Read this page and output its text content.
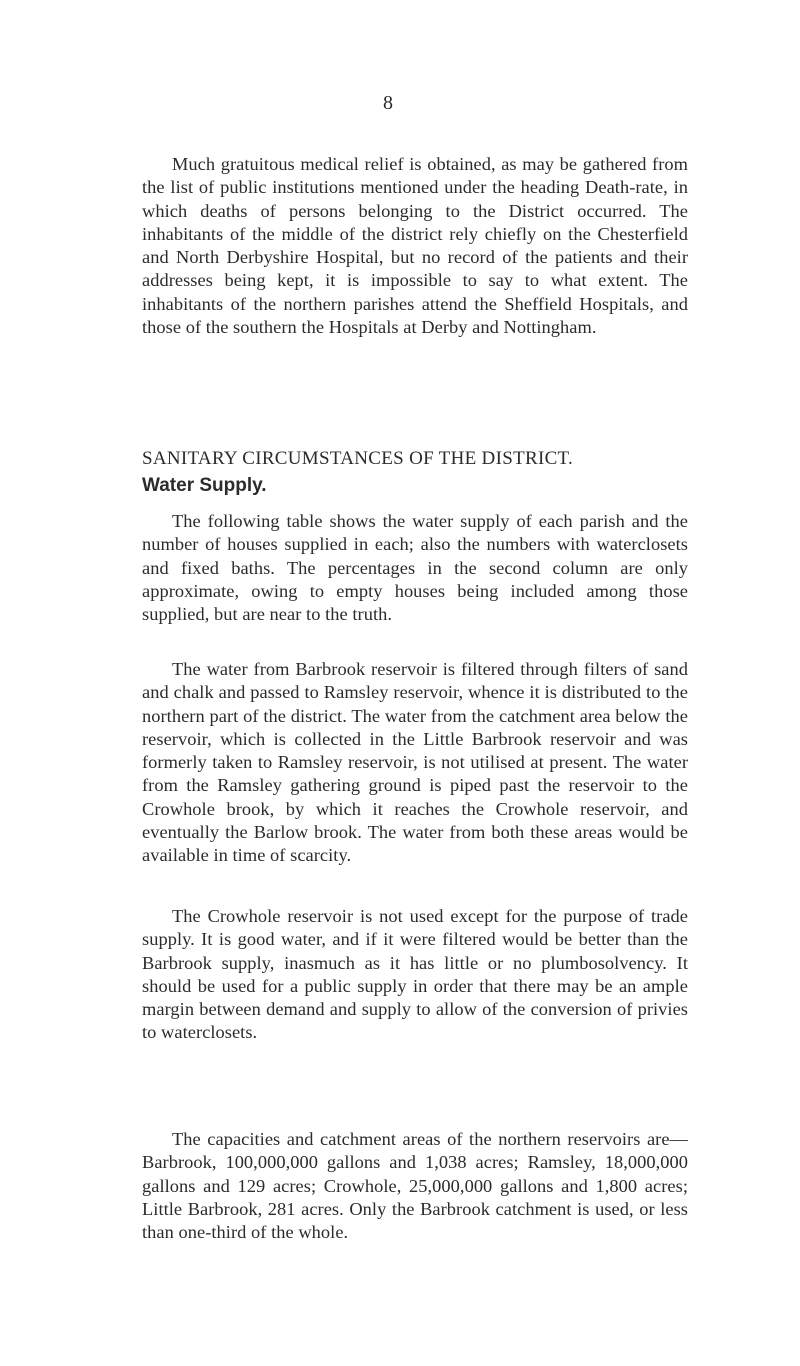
8

Much gratuitous medical relief is obtained, as may be gathered from the list of public institutions mentioned under the heading Death-rate, in which deaths of persons belonging to the District occurred. The inhabitants of the middle of the district rely chiefly on the Chesterfield and North Derbyshire Hospital, but no record of the patients and their addresses being kept, it is impossible to say to what extent. The inhabitants of the northern parishes attend the Sheffield Hospitals, and those of the southern the Hospitals at Derby and Nottingham.

SANITARY CIRCUMSTANCES OF THE DISTRICT.
Water Supply.

The following table shows the water supply of each parish and the number of houses supplied in each; also the numbers with waterclosets and fixed baths. The percentages in the second column are only approximate, owing to empty houses being included among those supplied, but are near to the truth.

The water from Barbrook reservoir is filtered through filters of sand and chalk and passed to Ramsley reservoir, whence it is distributed to the northern part of the district. The water from the catchment area below the reservoir, which is collected in the Little Barbrook reservoir and was formerly taken to Ramsley reservoir, is not utilised at present. The water from the Ramsley gathering ground is piped past the reservoir to the Crowhole brook, by which it reaches the Crowhole reservoir, and eventually the Barlow brook. The water from both these areas would be available in time of scarcity.

The Crowhole reservoir is not used except for the purpose of trade supply. It is good water, and if it were filtered would be better than the Barbrook supply, inasmuch as it has little or no plumbosolvency. It should be used for a public supply in order that there may be an ample margin between demand and supply to allow of the conversion of privies to waterclosets.

The capacities and catchment areas of the northern reservoirs are—Barbrook, 100,000,000 gallons and 1,038 acres; Ramsley, 18,000,000 gallons and 129 acres; Crowhole, 25,000,000 gallons and 1,800 acres; Little Barbrook, 281 acres. Only the Barbrook catchment is used, or less than one-third of the whole.
